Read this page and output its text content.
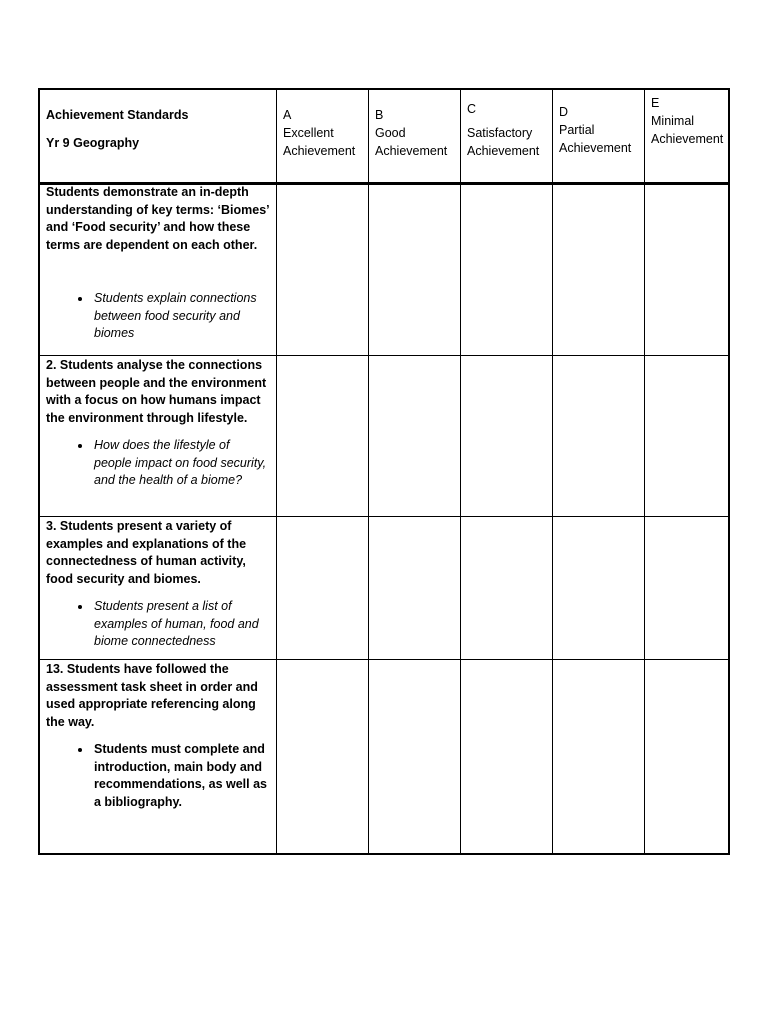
Achievement Standards

Yr 9 Geography

A
Excellent Achievement
B
Good Achievement
C
Satisfactory Achievement
D
Partial Achievement
E
Minimal Achievement

Students demonstrate an in-depth understanding of key terms: ‘Biomes’ and ‘Food security’ and how these terms are dependent on each other.

• Students explain connections between food security and biomes

2. Students analyse the connections between people and the environment with a focus on how humans impact the environment through lifestyle.

• How does the lifestyle of people impact on food security, and the health of a biome?

3. Students present a variety of examples and explanations of the connectedness of human activity, food security and biomes.

• Students present a list of examples of human, food and biome connectedness

13. Students have followed the assessment task sheet in order and used appropriate referencing along the way.

• Students must complete and introduction, main body and recommendations, as well as a bibliography.
